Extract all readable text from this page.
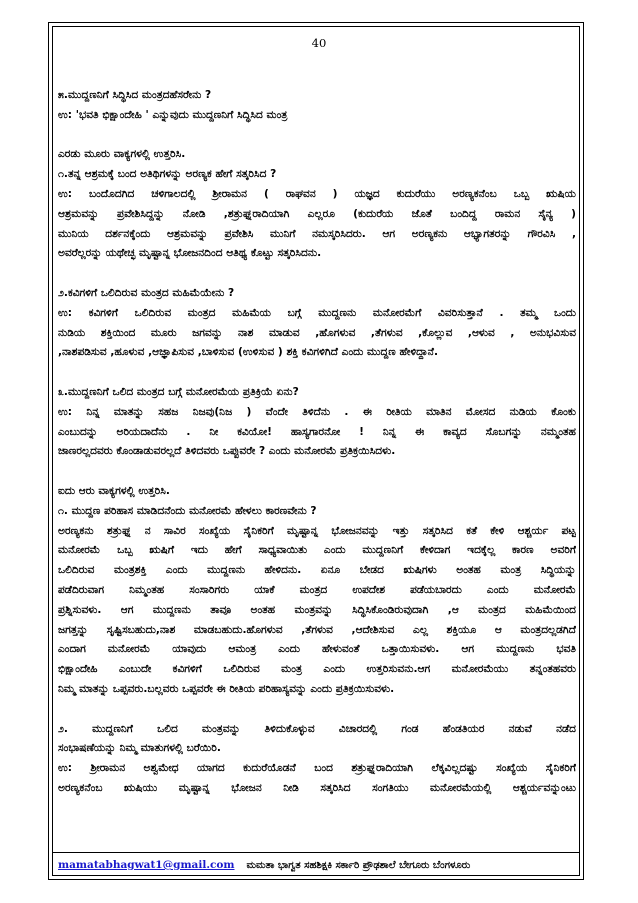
40
೫.ಮುದ್ದಣನಿಗೆ ಸಿದ್ಧಿಸಿದ ಮಂತ್ರದಹೆಸರೇನು ?
ಉ: 'ಭವತಿ ಭಿಕ್ಷಾಂದೇಹಿ ' ಎನ್ನುವುದು ಮುದ್ದಣನಿಗೆ ಸಿದ್ಧಿಸಿದ ಮಂತ್ರ
ಎರಡು ಮೂರು ವಾಕ್ಯಗಳಲ್ಲಿ ಉತ್ತರಿಸಿ.
೧.ತನ್ನ ಆಶ್ರಮಕ್ಕೆ ಬಂದ ಅತಿಥಿಗಳನ್ನು ಅರಣ್ಯಕ ಹೇಗೆ ಸತ್ಕರಿಸಿದ ?
ಉ: ಬಂದೊದಗಿದ ಚಳಿಗಾಲದಲ್ಲಿ ಶ್ರೀರಾಮನ ( ರಾಘವನ ) ಯಜ್ಞದ ಕುದುರೆಯು ಅರಣ್ಯಕನೆಂಬ ಒಬ್ಬ ಋಷಿಯ
ಆಶ್ರಮವನ್ನು ಪ್ರವೇಶಿಸಿದ್ದನ್ನು ನೋಡಿ ,ಶತ್ರುಘ್ನರಾದಿಯಾಗಿ ಎಲ್ಲರೂ (ಕುದುರೆಯ ಜೊತೆ ಬಂದಿದ್ದ ರಾಮನ ಸೈನ್ಯ )
ಮುನಿಯ ದರ್ಶನಕ್ಕೆಂದು ಆಶ್ರಮವನ್ನು ಪ್ರವೇಶಿಸಿ ಮುನಿಗೆ ನಮಸ್ಕರಿಸಿದರು. ಆಗ ಅರಣ್ಯಕನು ಆಭ್ಯಾಗತರನ್ನು ಗೌರವಿಸಿ ,
ಅವರೆಲ್ಲರನ್ನು ಯಥೇಚ್ಛ ಮೃಷ್ಟಾನ್ನ ಭೋಜನದಿಂದ ಆತಿಥ್ಯ ಕೊಟ್ಟು ಸತ್ಕರಿಸಿದನು.
೨.ಕವಿಗಳಿಗೆ ಒಲಿದಿರುವ ಮಂತ್ರದ ಮಹಿಮೆಯೇನು ?
ಉ: ಕವಿಗಳಿಗೆ ಒಲಿದಿರುವ ಮಂತ್ರದ ಮಹಿಮೆಯ ಬಗ್ಗೆ ಮುದ್ದಣನು ಮನೋರಮೆಗೆ ವಿವರಿಸುತ್ತಾನೆ . ತಮ್ಮ ಒಂದು
ನುಡಿಯ ಶಕ್ತಿಯಿಂದ ಮೂರು ಜಗವನ್ನು ನಾಶ ಮಾಡುವ ,ಹೊಗಳುವ ,ತೆಗಳುವ ,ಕೊಲ್ಲುವ ,ಆಳುವ , ಅನುಭವಿಸುವ
,ನಾಶಪಡಿಸುವ ,ಹೂಳುವ ,ಆಜ್ಞಾಪಿಸುವ ,ಬಾಳಿಸುವ (ಉಳಿಸುವ ) ಶಕ್ತಿ ಕವಿಗಳಿಗಿದೆ ಎಂದು ಮುದ್ದಣ ಹೇಳಿದ್ದಾನೆ.
೩.ಮುದ್ದಣನಿಗೆ ಒಲಿದ ಮಂತ್ರದ ಬಗ್ಗೆ ಮನೋರಮೆಯ ಪ್ರತಿಕ್ರಿಯೆ ಏನು?
ಉ: ನಿನ್ನ ಮಾತನ್ನು ಸಹಜ ನಿಜವು(ನಿಜ ) ವೆಂದೇ ತಿಳಿದೆನು . ಈ ರೀತಿಯ ಮಾತಿನ ಮೋಸದ ನುಡಿಯ ಕೊಂಕು
ಎಂಬುದನ್ನು ಅರಿಯದಾದೆನು . ನೀ ಕವಿಯೋ! ಹಾಸ್ಯಗಾರನೋ ! ನಿನ್ನ ಈ ಕಾವ್ಯದ ಸೊಬಗನ್ನು ನಮ್ಮಂತಹ
ಜಾಣರಲ್ಲದವರು ಕೊಂಡಾಡುವರಲ್ಲದೆ ತಿಳಿದವರು ಒಪ್ಪುವರೇ ? ಎಂದು ಮನೋರಮೆ ಪ್ರತಿಕ್ರಯಿಸಿದಳು.
ಐದು ಆರು ವಾಕ್ಯಗಳಲ್ಲಿ ಉತ್ತರಿಸಿ.
೧. ಮುದ್ದಣ ಪರಿಹಾಸ ಮಾಡಿದನೆಂದು ಮನೋರಮೆ ಹೇಳಲು ಕಾರಣವೇನು ?
ಅರಣ್ಯಕನು ಶತ್ರುಘ್ನ ನ ಸಾವಿರ ಸಂಖ್ಯೆಯ ಸೈನಿಕರಿಗೆ ಮೃಷ್ಟಾನ್ನ ಭೋಜನವನ್ನು ಇತ್ತು ಸತ್ಕರಿಸಿದ ಕತೆ ಕೇಳಿ ಆಶ್ಚರ್ಯ ಪಟ್ಟ
ಮನೋರಮೆ ಒಬ್ಬ ಋಷಿಗೆ ಇದು ಹೇಗೆ ಸಾಧ್ಯವಾಯಿತು ಎಂದು ಮುದ್ದಣನಿಗೆ ಕೇಳಿದಾಗ ಇದಕ್ಕೆಲ್ಲ ಕಾರಣ ಅವರಿಗೆ
ಒಲಿದಿರುವ ಮಂತ್ರಶಕ್ತಿ ಎಂದು ಮುದ್ದಣನು ಹೇಳಿದನು. ಏನೂ ಬೇಡದ ಋಷಿಗಳು ಅಂತಹ ಮಂತ್ರ ಸಿದ್ಧಿಯನ್ನು
ಪಡೆದಿರುವಾಗ ನಿಮ್ಮಂತಹ ಸಂಸಾರಿಗರು ಯಾಕೆ ಮಂತ್ರದ ಉಪದೇಶ ಪಡೆಯಬಾರದು ಎಂದು ಮನೋರಮೆ
ಪ್ರಶ್ನಿಸುವಳು. ಆಗ ಮುದ್ದಣನು ತಾವೂ ಅಂತಹ ಮಂತ್ರವನ್ನು ಸಿದ್ಧಿಸಿಕೊಂಡಿರುವುದಾಗಿ ,ಆ ಮಂತ್ರದ ಮಹಿಮೆಯಿಂದ
ಜಗತ್ತನ್ನು ಸೃಷ್ಟಿಸಬಹುದು,ನಾಶ ಮಾಡಬಹುದು.ಹೊಗಳುವ ,ತೆಗಳುವ ,ಆದೇಶಿಸುವ ಎಲ್ಲ ಶಕ್ತಿಯೂ ಆ ಮಂತ್ರದಲ್ಲಡಗಿದೆ
ಎಂದಾಗ ಮನೋರಮೆ ಯಾವುದು ಆಮಂತ್ರ ಎಂದು ಹೇಳುವಂತೆ ಒತ್ತಾಯಿಸುವಳು. ಆಗ ಮುದ್ದಣನು ಭವತಿ
ಭಿಕ್ಷಾಂದೇಹಿ ಎಂಬುದೇ ಕವಿಗಳಿಗೆ ಒಲಿದಿರುವ ಮಂತ್ರ ಎಂದು ಉತ್ತರಿಸುವನು.ಆಗ ಮನೋರಮೆಯು ತನ್ನಂತಹವರು
ನಿಮ್ಮ ಮಾತನ್ನು ಒಪ್ಪವರು.ಬಲ್ಲವರು ಒಪ್ಪವರೇ ಈ ರೀತಿಯ ಪರಿಹಾಸ್ಯವನ್ನು ಎಂದು ಪ್ರತಿಕ್ರಯಿಸುವಳು.
೨. ಮುದ್ದಣನಿಗೆ ಒಲಿದ ಮಂತ್ರವನ್ನು ತಿಳಿದುಕೊಳ್ಳುವ ವಿಚಾರದಲ್ಲಿ ಗಂಡ ಹೆಂಡತಿಯರ ನಡುವೆ ನಡೆದ
ಸಂಭಾಷಣೆಯನ್ನು ನಿಮ್ಮ ಮಾತುಗಳಲ್ಲಿ ಬರೆಯಿರಿ.
ಉ: ಶ್ರೀರಾಮನ ಅಶ್ವಮೇಧ ಯಾಗದ ಕುದುರೆಯೊಡನೆ ಬಂದ ಶತ್ರುಘ್ನರಾದಿಯಾಗಿ ಲೆಕ್ಕವಿಲ್ಲದಷ್ಟು ಸಂಖ್ಯೆಯ ಸೈನಿಕರಿಗೆ
ಅರಣ್ಯಕನೆಂಬ ಋಷಿಯು ಮೃಷ್ಟಾನ್ನ ಭೋಜನ ನೀಡಿ ಸತ್ಕರಿಸಿದ ಸಂಗತಿಯು ಮನೋರಮೆಯಲ್ಲಿ ಆಶ್ಚರ್ಯವನ್ನುಂಟು
mamatabhagwat1@gmail.com ಮಮತಾ ಭಾಗ್ವತ ಸಹಶಿಕ್ಷಕಿ ಸರ್ಕಾರಿ ಪ್ರೌಢಶಾಲೆ ಬೇಗೂರು ಬೆಂಗಳೂರು
